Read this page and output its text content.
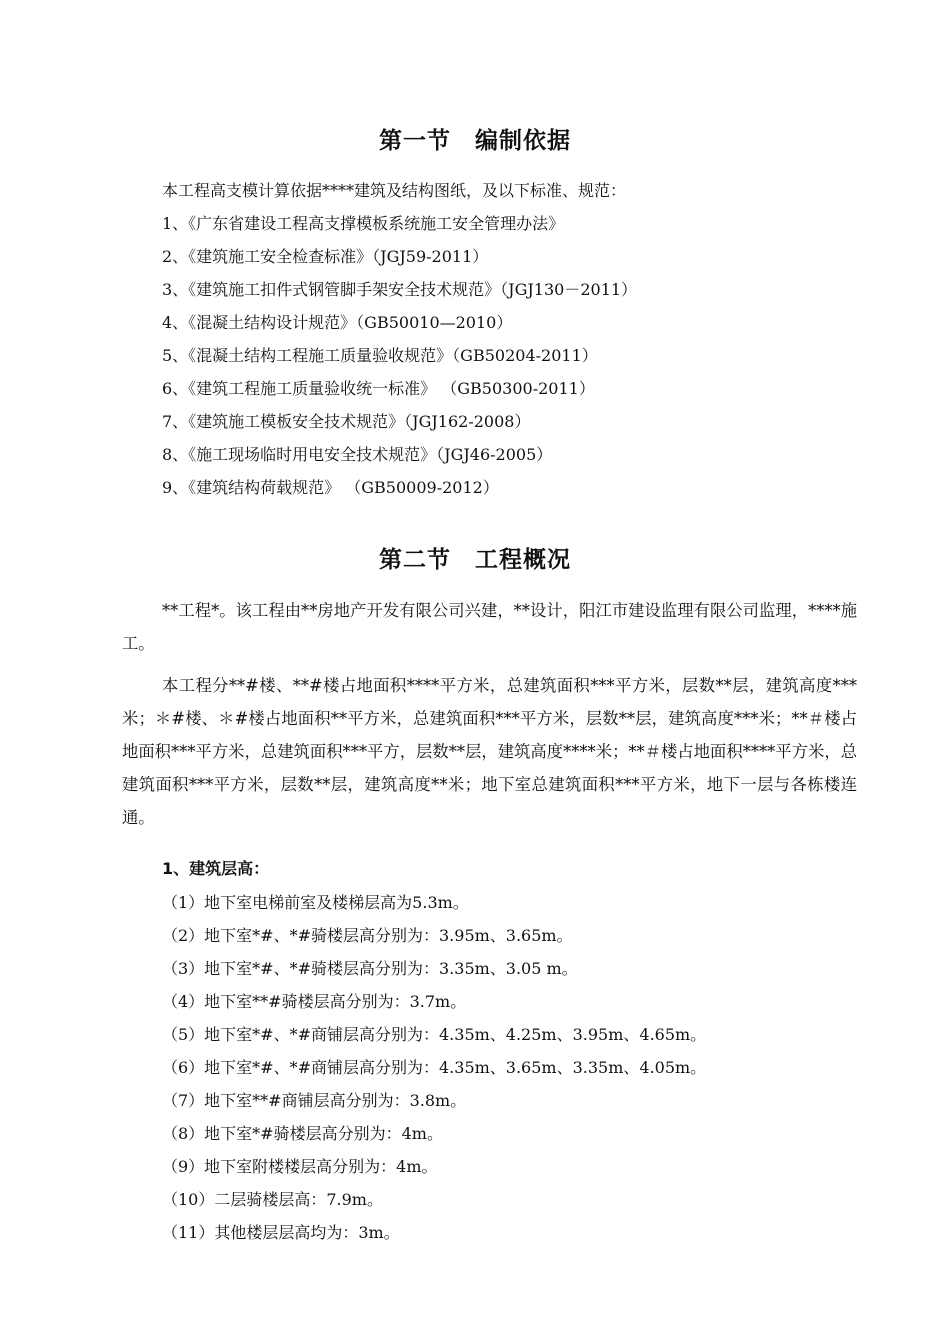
第一节　编制依据
本工程高支模计算依据****建筑及结构图纸，及以下标准、规范：
1、《广东省建设工程高支撑模板系统施工安全管理办法》
2、《建筑施工安全检查标准》（JGJ59-2011）
3、《建筑施工扣件式钢管脚手架安全技术规范》（JGJ130－2011）
4、《混凝土结构设计规范》（GB50010—2010）
5、《混凝土结构工程施工质量验收规范》（GB50204-2011）
6、《建筑工程施工质量验收统一标准》 （GB50300-2011）
7、《建筑施工模板安全技术规范》（JGJ162-2008）
8、《施工现场临时用电安全技术规范》（JGJ46-2005）
9、《建筑结构荷载规范》 （GB50009-2012）
第二节　工程概况
**工程*。该工程由**房地产开发有限公司兴建，**设计，阳江市建设监理有限公司监理，****施工。
本工程分**#楼、**#楼占地面积****平方米，总建筑面积***平方米，层数**层，建筑高度***米；＊#楼、＊#楼占地面积**平方米，总建筑面积***平方米，层数**层，建筑高度***米；**＃楼占地面积***平方米，总建筑面积***平方，层数**层，建筑高度****米；**＃楼占地面积****平方米，总建筑面积***平方米，层数**层，建筑高度**米；地下室总建筑面积***平方米，地下一层与各栋楼连通。
1、建筑层高：
（1）地下室电梯前室及楼梯层高为5.3m。
（2）地下室*#、*#骑楼层高分别为：3.95m、3.65m。
（3）地下室*#、*#骑楼层高分别为：3.35m、3.05 m。
（4）地下室**#骑楼层高分别为：3.7m。
（5）地下室*#、*#商铺层高分别为：4.35m、4.25m、3.95m、4.65m。
（6）地下室*#、*#商铺层高分别为：4.35m、3.65m、3.35m、4.05m。
（7）地下室**#商铺层高分别为：3.8m。
（8）地下室*#骑楼层高分别为：4m。
（9）地下室附楼楼层高分别为：4m。
（10）二层骑楼层高：7.9m。
（11）其他楼层层高均为：3m。
